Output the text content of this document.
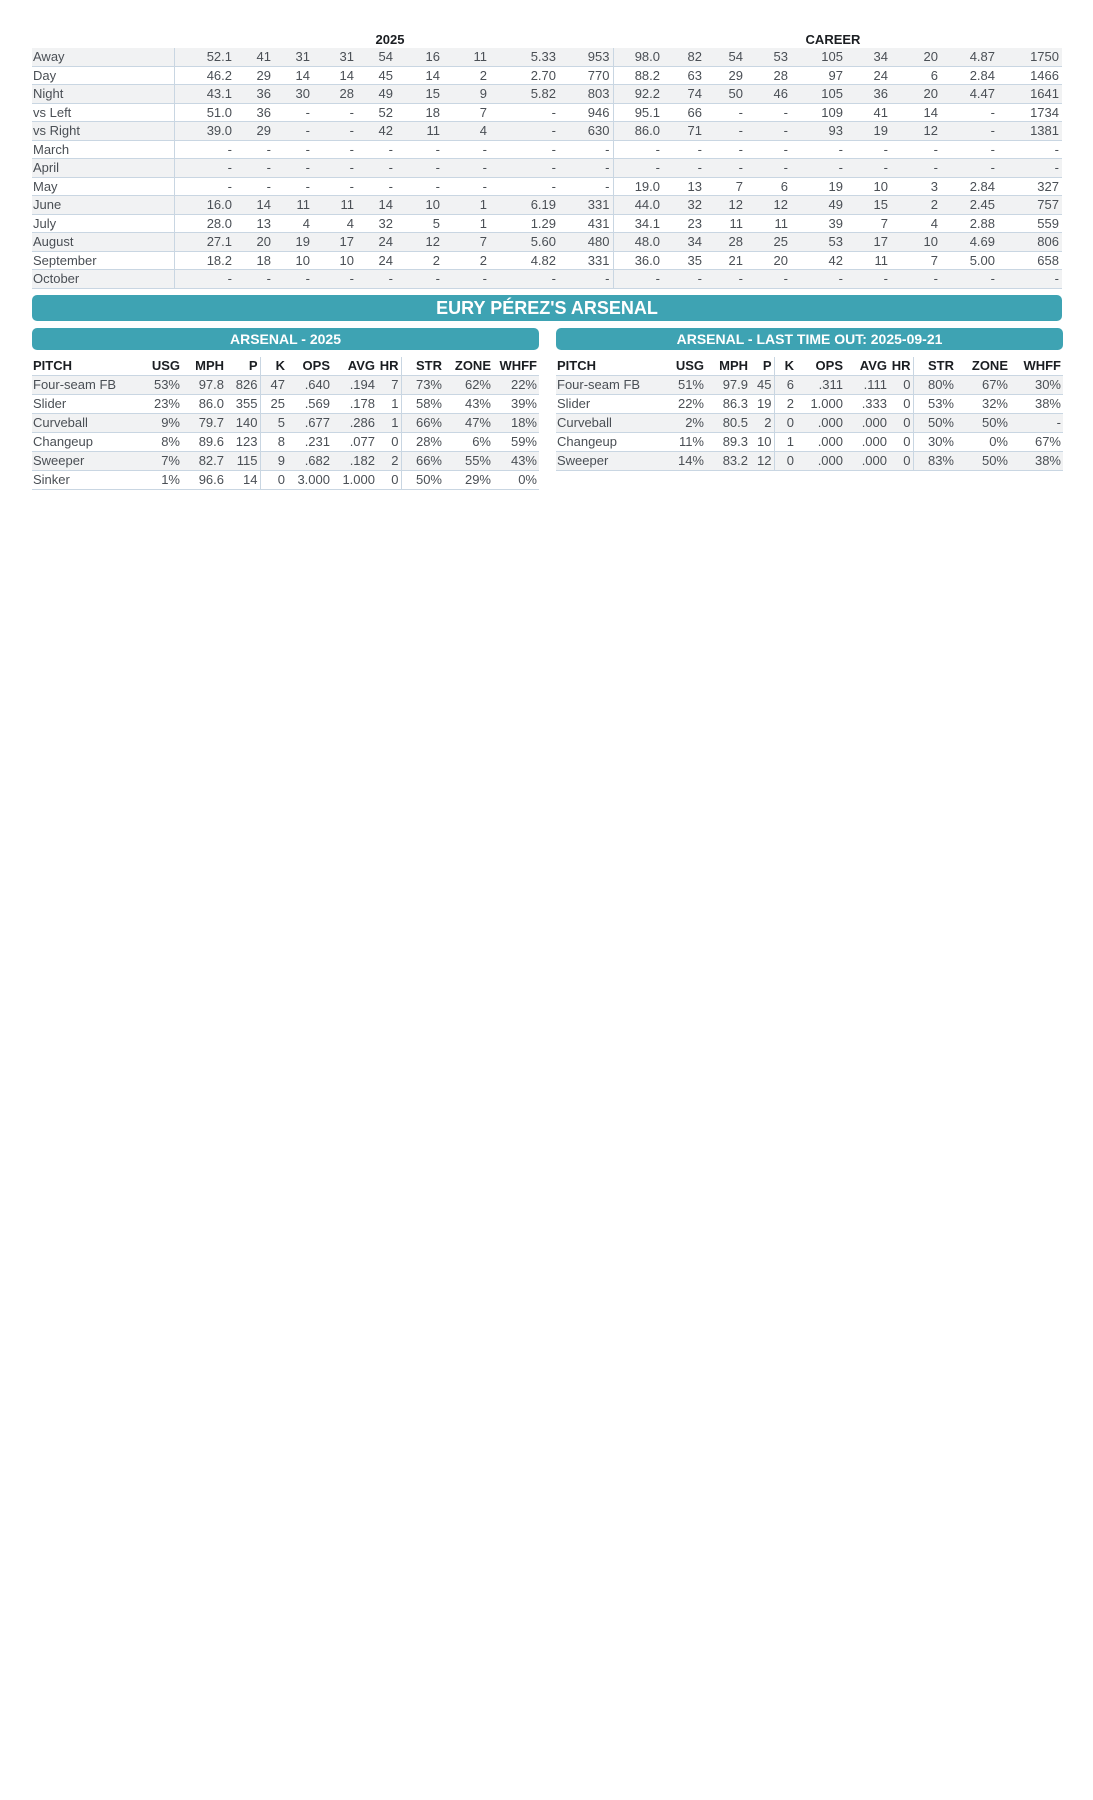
2025	CAREER
Away	52.1	41	31	31	54	16	11	5.33	953	98.0	82	54	53	105	34	20	4.87	1750
Day	46.2	29	14	14	45	14	2	2.70	770	88.2	63	29	28	97	24	6	2.84	1466
Night	43.1	36	30	28	49	15	9	5.82	803	92.2	74	50	46	105	36	20	4.47	1641
vs Left	51.0	36	-	-	52	18	7	-	946	95.1	66	-	-	109	41	14	-	1734
vs Right	39.0	29	-	-	42	11	4	-	630	86.0	71	-	-	93	19	12	-	1381
March	-	-	-	-	-	-	-	-	-	-	-	-	-	-	-	-	-	-
April	-	-	-	-	-	-	-	-	-	-	-	-	-	-	-	-	-	-
May	-	-	-	-	-	-	-	-	-	19.0	13	7	6	19	10	3	2.84	327
June	16.0	14	11	11	14	10	1	6.19	331	44.0	32	12	12	49	15	2	2.45	757
July	28.0	13	4	4	32	5	1	1.29	431	34.1	23	11	11	39	7	4	2.88	559
August	27.1	20	19	17	24	12	7	5.60	480	48.0	34	28	25	53	17	10	4.69	806
September	18.2	18	10	10	24	2	2	4.82	331	36.0	35	21	20	42	11	7	5.00	658
October	-	-	-	-	-	-	-	-	-	-	-	-	-	-	-	-	-	-
EURY PÉREZ'S ARSENAL
ARSENAL - 2025
PITCH	USG	MPH	P	K	OPS	AVG	HR	STR	ZONE	WHFF
Four-seam FB	53%	97.8	826	47	.640	.194	7	73%	62%	22%
Slider	23%	86.0	355	25	.569	.178	1	58%	43%	39%
Curveball	9%	79.7	140	5	.677	.286	1	66%	47%	18%
Changeup	8%	89.6	123	8	.231	.077	0	28%	6%	59%
Sweeper	7%	82.7	115	9	.682	.182	2	66%	55%	43%
Sinker	1%	96.6	14	0	3.000	1.000	0	50%	29%	0%
ARSENAL - LAST TIME OUT: 2025-09-21
PITCH	USG	MPH	P	K	OPS	AVG	HR	STR	ZONE	WHFF
Four-seam FB	51%	97.9	45	6	.311	.111	0	80%	67%	30%
Slider	22%	86.3	19	2	1.000	.333	0	53%	32%	38%
Curveball	2%	80.5	2	0	.000	.000	0	50%	50%	-
Changeup	11%	89.3	10	1	.000	.000	0	30%	0%	67%
Sweeper	14%	83.2	12	0	.000	.000	0	83%	50%	38%
